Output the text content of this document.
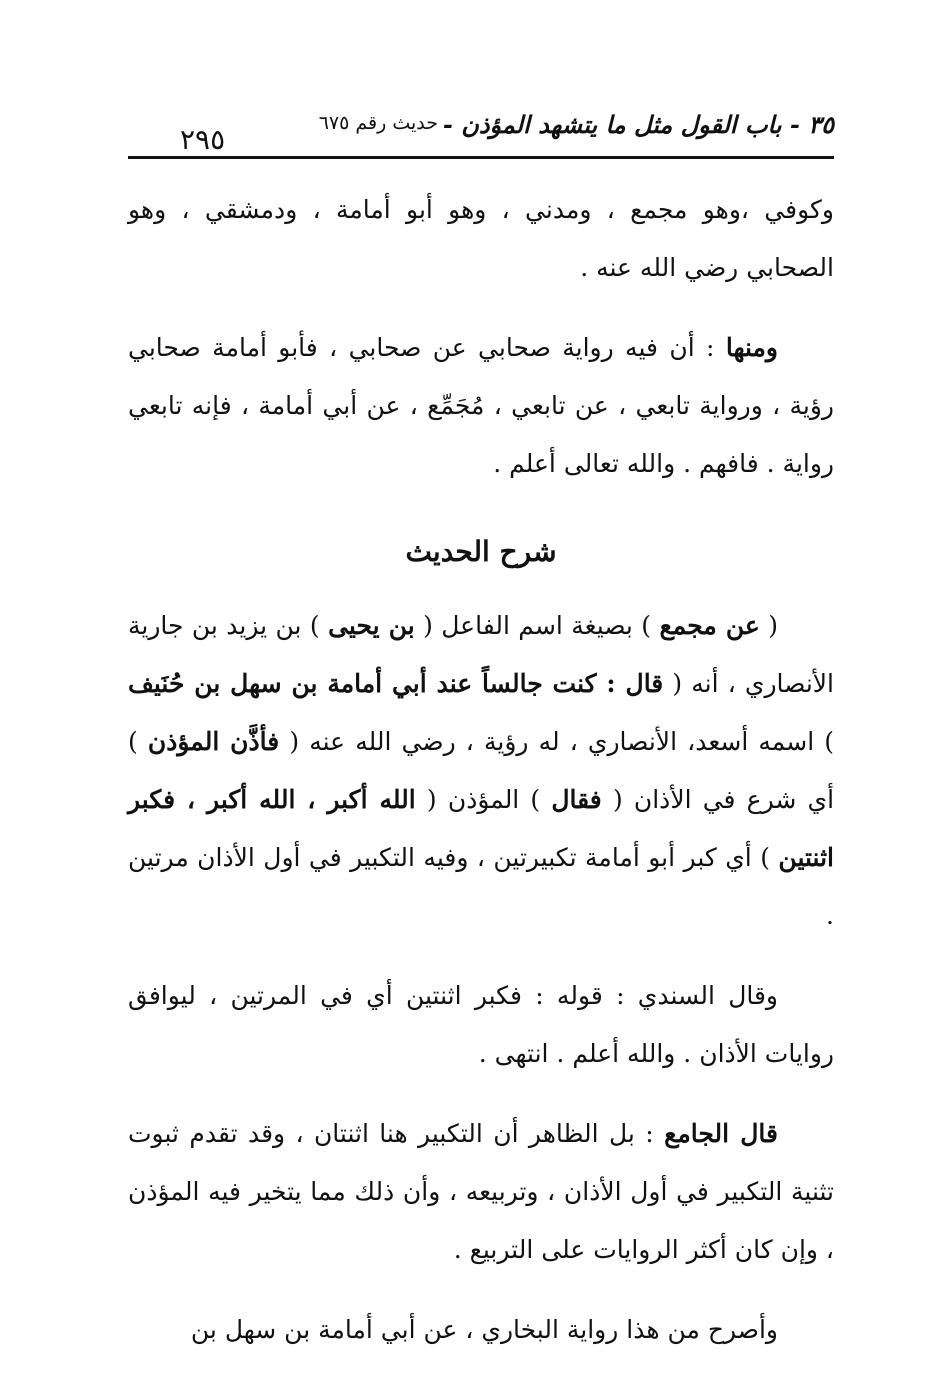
٣٥ - باب القول مثل ما يتشهد المؤذن -
حديث رقم ٦٧٥
٢٩٥

وكوفي ،وهو مجمع ، ومدني ، وهو أبو أمامة ، ودمشقي ، وهو الصحابي رضي الله عنه .

ومنها : أن فيه رواية صحابي عن صحابي ، فأبو أمامة صحابي رؤية ، ورواية تابعي ، عن تابعي ، مُجَمِّع ، عن أبي أمامة ، فإنه تابعي رواية . فافهم . والله تعالى أعلم .

شرح الحديث

( عن مجمع ) بصيغة اسم الفاعل ( بن يحيى ) بن يزيد بن جارية الأنصاري ، أنه ( قال : كنت جالساً عند أبي أمامة بن سهل بن حُنَيف ) اسمه أسعد، الأنصاري ، له رؤية ، رضي الله عنه ( فأذَّن المؤذن ) أي شرع في الأذان ( فقال ) المؤذن ( الله أكبر ، الله أكبر ، فكبر اثنتين ) أي كبر أبو أمامة تكبيرتين ، وفيه التكبير في أول الأذان مرتين .

وقال السندي : قوله : فكبر اثنتين أي في المرتين ، ليوافق روايات الأذان . والله أعلم . انتهى .

قال الجامع : بل الظاهر أن التكبير هنا اثنتان ، وقد تقدم ثبوت تثنية التكبير في أول الأذان ، وتربيعه ، وأن ذلك مما يتخير فيه المؤذن ، وإن كان أكثر الروايات على التربيع .

وأصرح من هذا رواية البخاري ، عن أبي أمامة بن سهل بن
